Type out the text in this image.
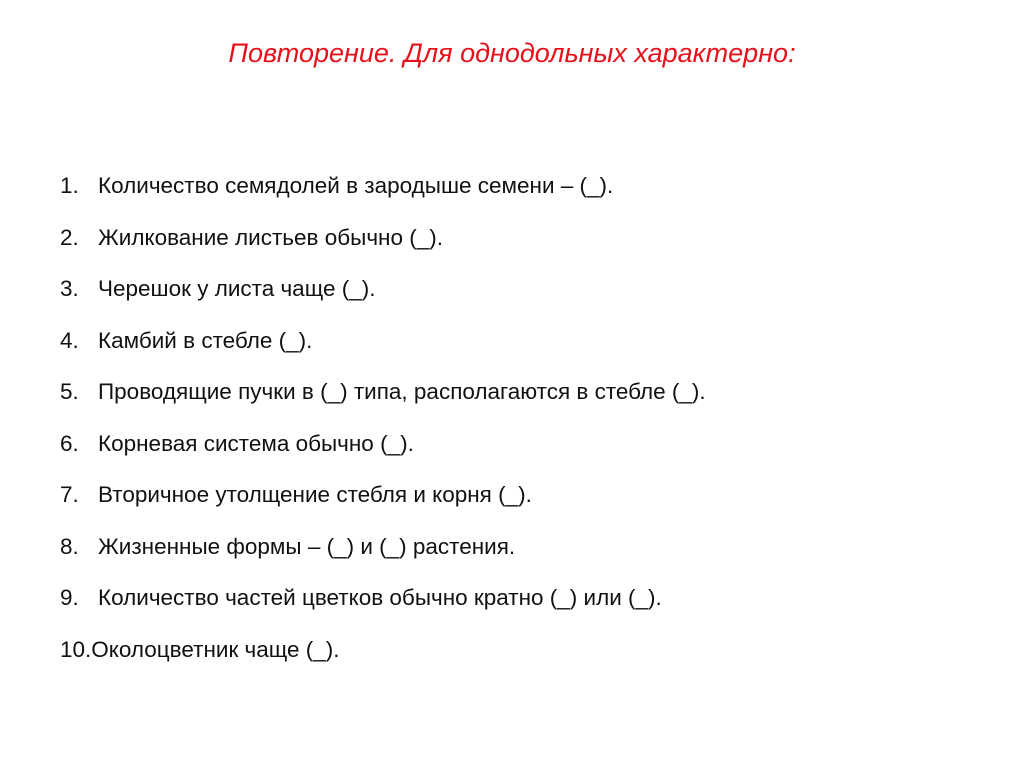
Повторение. Для однодольных характерно:
1. Количество семядолей в зародыше семени – (_).
2. Жилкование листьев обычно (_).
3. Черешок у листа чаще (_).
4. Камбий в стебле (_).
5. Проводящие пучки в (_) типа, располагаются в стебле (_).
6. Корневая система обычно (_).
7. Вторичное утолщение стебля и корня (_).
8. Жизненные формы – (_) и (_) растения.
9. Количество частей цветков обычно кратно (_) или (_).
10.Околоцветник чаще (_).
